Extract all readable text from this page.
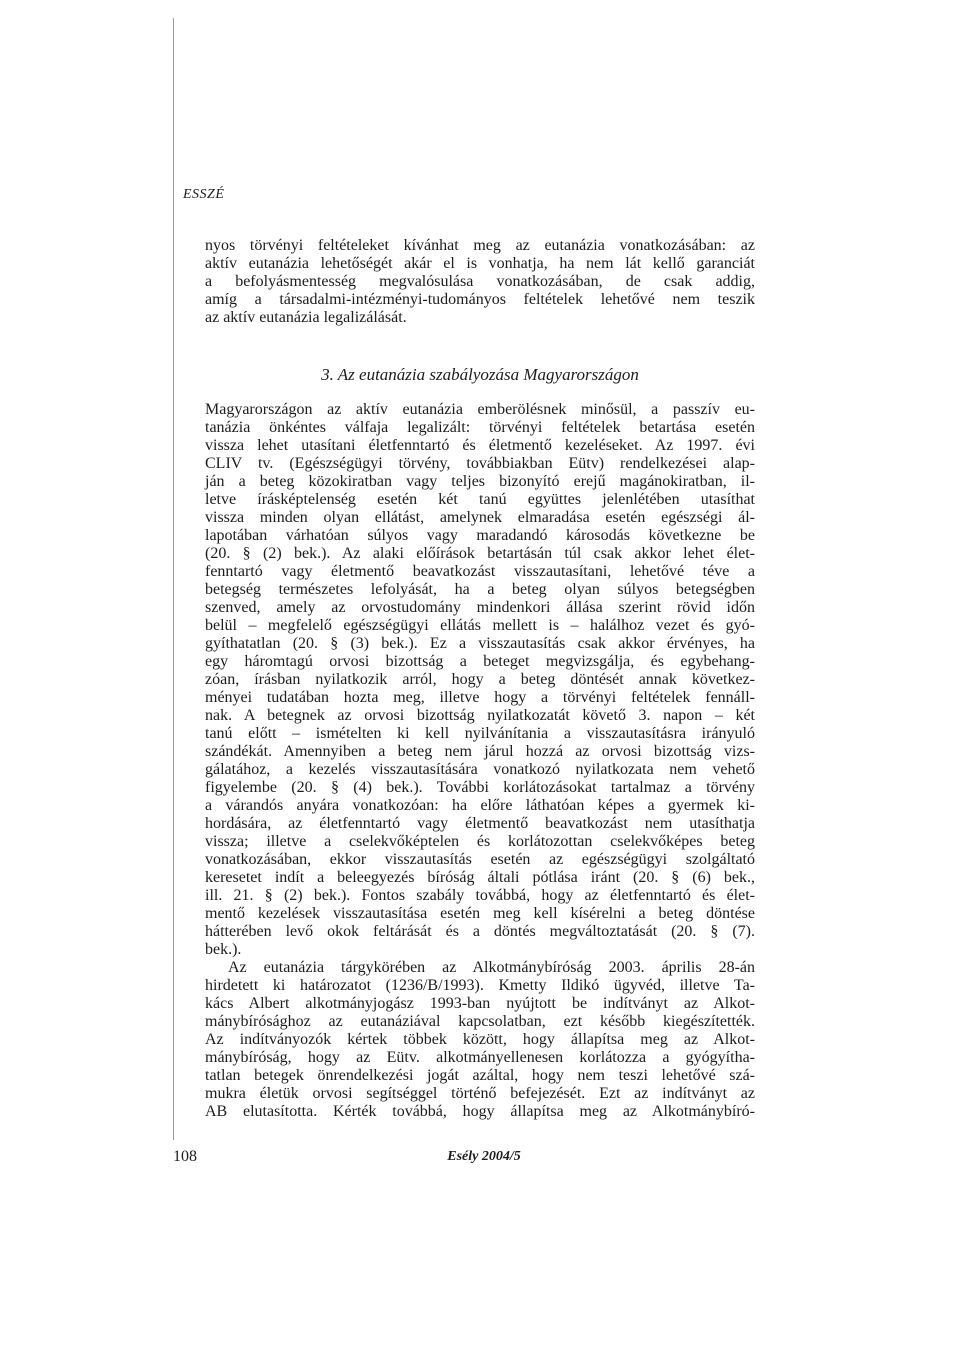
ESSZÉ
nyos törvényi feltételeket kívánhat meg az eutanázia vonatkozásában: az
aktív eutanázia lehetőségét akár el is vonhatja, ha nem lát kellő garanciát
a befolyásmentesség megvalósulása vonatkozásában, de csak addig,
amíg a társadalmi-intézményi-tudományos feltételek lehetővé nem teszik
az aktív eutanázia legalizálását.
3. Az eutanázia szabályozása Magyarországon
Magyarországon az aktív eutanázia emberölésnek minősül, a passzív eu-
tanázia önkéntes válfaja legalizált: törvényi feltételek betartása esetén
vissza lehet utasítani életfenntartó és életmentő kezeléseket. Az 1997. évi
CLIV tv. (Egészségügyi törvény, továbbiakban Eütv) rendelkezései alap-
ján a beteg közokiratban vagy teljes bizonyító erejű magánokiratban, il-
letve írásképtelenség esetén két tanú együttes jelenlétében utasíthat
vissza minden olyan ellátást, amelynek elmaradása esetén egészségi ál-
lapotában várhatóan súlyos vagy maradandó károsodás következne be
(20. § (2) bek.). Az alaki előírások betartásán túl csak akkor lehet élet-
fenntartó vagy életmentő beavatkozást visszautasítani, lehetővé téve a
betegség természetes lefolyását, ha a beteg olyan súlyos betegségben
szenved, amely az orvostudomány mindenkori állása szerint rövid időn
belül – megfelelő egészségügyi ellátás mellett is – halálhoz vezet és gyó-
gyíthatatlan (20. § (3) bek.). Ez a visszautasítás csak akkor érvényes, ha
egy háromtagú orvosi bizottság a beteget megvizsgálja, és egybehang-
zóan, írásban nyilatkozik arról, hogy a beteg döntését annak következ-
ményei tudatában hozta meg, illetve hogy a törvényi feltételek fennáll-
nak. A betegnek az orvosi bizottság nyilatkozatát követő 3. napon – két
tanú előtt – ismételten ki kell nyilvánítania a visszautasításra irányuló
szándékát. Amennyiben a beteg nem járul hozzá az orvosi bizottság vizs-
gálatához, a kezelés visszautasítására vonatkozó nyilatkozata nem vehető
figyelembe (20. § (4) bek.). További korlátozásokat tartalmaz a törvény
a várandós anyára vonatkozóan: ha előre láthatóan képes a gyermek ki-
hordására, az életfenntartó vagy életmentő beavatkozást nem utasíthatja
vissza; illetve a cselekvőképtelen és korlátozottan cselekvőképes beteg
vonatkozásában, ekkor visszautasítás esetén az egészségügyi szolgáltató
keresetet indít a beleegyezés bíróság általi pótlása iránt (20. § (6) bek.,
ill. 21. § (2) bek.). Fontos szabály továbbá, hogy az életfenntartó és élet-
mentő kezelések visszautasítása esetén meg kell kísérelni a beteg döntése
hátterében levő okok feltárását és a döntés megváltoztatását (20. § (7).
bek.).
Az eutanázia tárgykörében az Alkotmánybíróság 2003. április 28-án
hirdetett ki határozatot (1236/B/1993). Kmetty Ildikó ügyvéd, illetve Ta-
kács Albert alkotmányjogász 1993-ban nyújtott be indítványt az Alkot-
mánybírósághoz az eutanáziával kapcsolatban, ezt később kiegészítették.
Az indítványozók kértek többek között, hogy állapítsa meg az Alkot-
mánybíróság, hogy az Eütv. alkotmányellenesen korlátozza a gyógyítha-
tatlan betegek önrendelkezési jogát azáltal, hogy nem teszi lehetővé szá-
mukra életük orvosi segítséggel történő befejezését. Ezt az indítványt az
AB elutasította. Kérték továbbá, hogy állapítsa meg az Alkotmánybíró-
108	Esély 2004/5
